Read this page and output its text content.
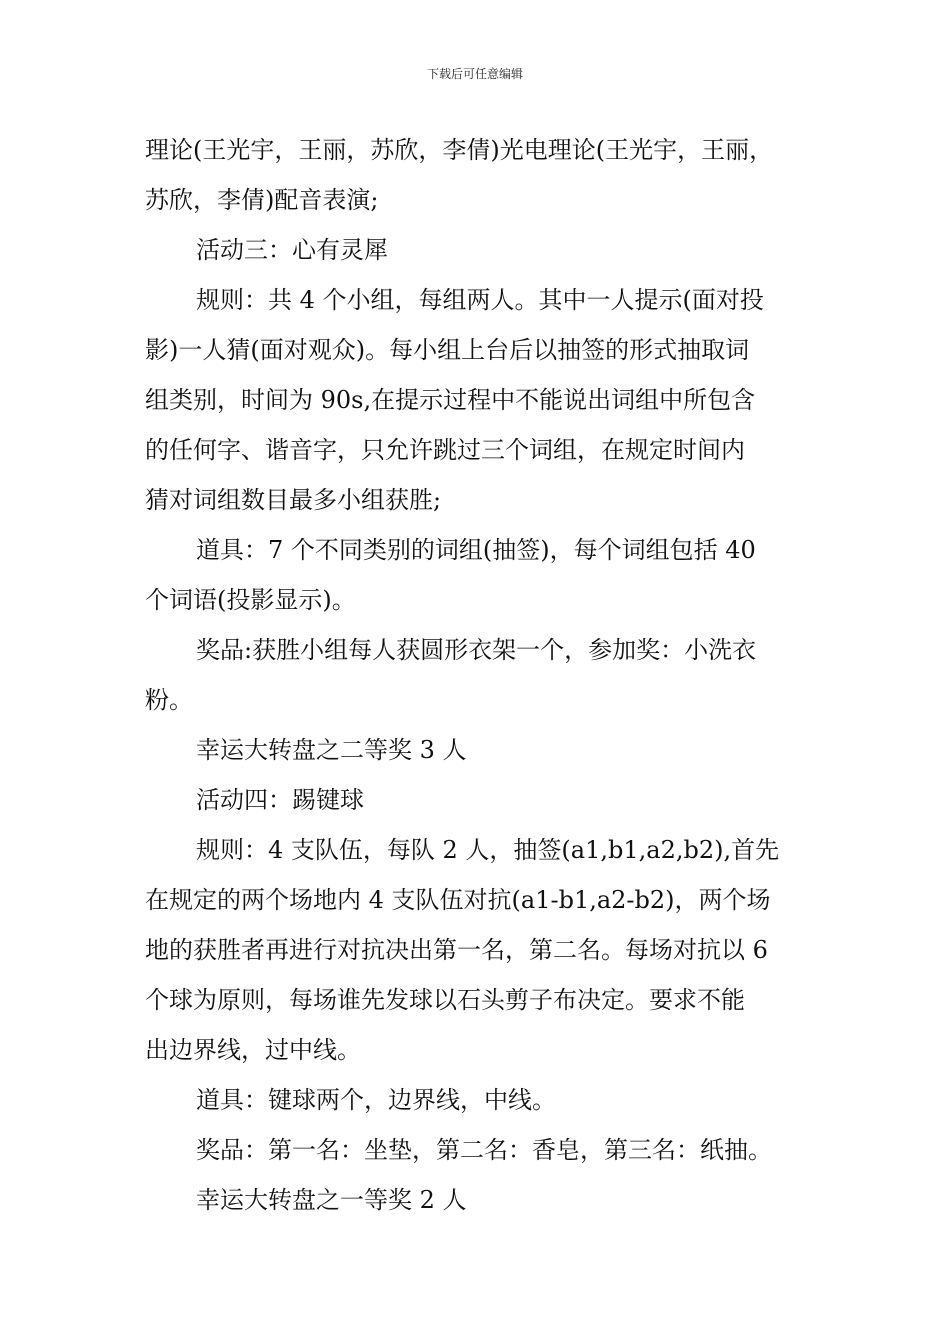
下载后可任意编辑
理论(王光宇，王丽，苏欣，李倩)光电理论(王光宇，王丽，
苏欣，李倩)配音表演;
活动三：心有灵犀
规则：共 4 个小组，每组两人。其中一人提示(面对投
影)一人猜(面对观众)。每小组上台后以抽签的形式抽取词
组类别，时间为 90s,在提示过程中不能说出词组中所包含
的任何字、谐音字，只允许跳过三个词组，在规定时间内
猜对词组数目最多小组获胜;
道具：7 个不同类别的词组(抽签)，每个词组包括 40
个词语(投影显示)。
奖品:获胜小组每人获圆形衣架一个，参加奖：小洗衣
粉。
幸运大转盘之二等奖 3 人
活动四：踢键球
规则：4 支队伍，每队 2 人，抽签(a1,b1,a2,b2),首先
在规定的两个场地内 4 支队伍对抗(a1-b1,a2-b2)，两个场
地的获胜者再进行对抗决出第一名，第二名。每场对抗以 6
个球为原则，每场谁先发球以石头剪子布决定。要求不能
出边界线，过中线。
道具：键球两个，边界线，中线。
奖品：第一名：坐垫，第二名：香皂，第三名：纸抽。
幸运大转盘之一等奖 2 人
